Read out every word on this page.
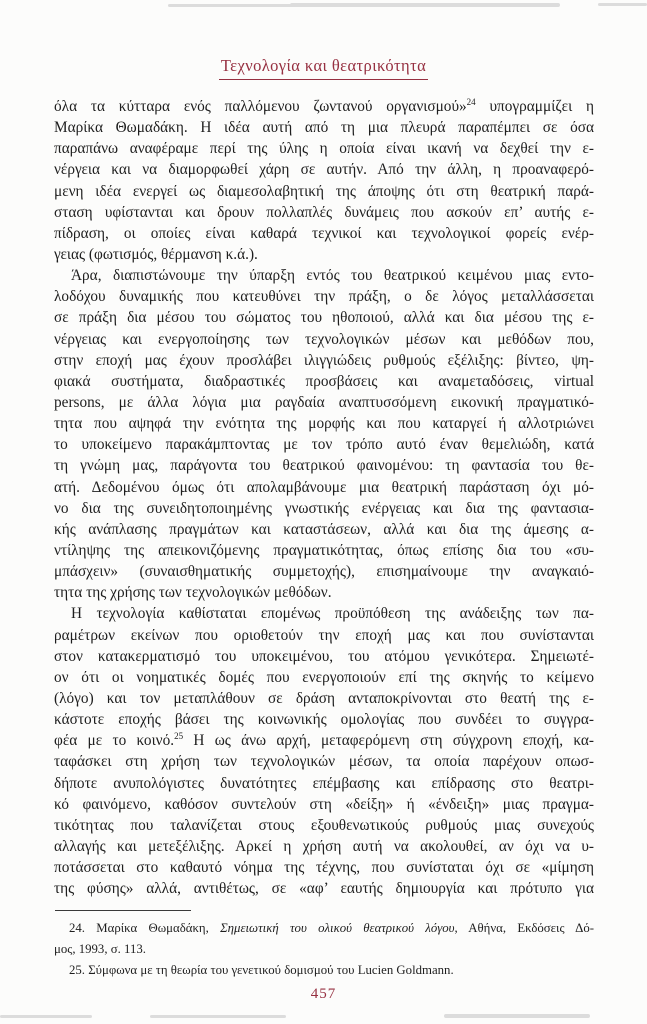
Τεχνολογία και θεατρικότητα
όλα τα κύτταρα ενός παλλόμενου ζωντανού οργανισμού»$^{24}$ υπογραμμίζει η
Μαρίκα Θωμαδάκη. Η ιδέα αυτή από τη μια πλευρά παραπέμπει σε όσα
παραπάνω αναφέραμε περί της ύλης η οποία είναι ικανή να δεχθεί την ε-
νέργεια και να διαμορφωθεί χάρη σε αυτήν. Από την άλλη, η προαναφερό-
μενη ιδέα ενεργεί ως διαμεσολαβητική της άποψης ότι στη θεατρική παρά-
σταση υφίστανται και δρουν πολλαπλές δυνάμεις που ασκούν επ’ αυτής ε-
πίδραση, οι οποίες είναι καθαρά τεχνικοί και τεχνολογικοί φορείς ενέρ-
γειας (φωτισμός, θέρμανση κ.ά.).
Άρα, διαπιστώνουμε την ύπαρξη εντός του θεατρικού κειμένου μιας εντο-
λοδόχου δυναμικής που κατευθύνει την πράξη, ο δε λόγος μεταλλάσσεται
σε πράξη δια μέσου του σώματος του ηθοποιού, αλλά και δια μέσου της ε-
νέργειας και ενεργοποίησης των τεχνολογικών μέσων και μεθόδων που,
στην εποχή μας έχουν προσλάβει ιλιγγιώδεις ρυθμούς εξέλιξης: βίντεο, ψη-
φιακά συστήματα, διαδραστικές προσβάσεις και αναμεταδόσεις, virtual
persons, με άλλα λόγια μια ραγδαία αναπτυσσόμενη εικονική πραγματικό-
τητα που αψηφά την ενότητα της μορφής και που καταργεί ή αλλοτριώνει
το υποκείμενο παρακάμπτοντας με τον τρόπο αυτό έναν θεμελιώδη, κατά
τη γνώμη μας, παράγοντα του θεατρικού φαινομένου: τη φαντασία του θε-
ατή. Δεδομένου όμως ότι απολαμβάνουμε μια θεατρική παράσταση όχι μό-
νο δια της συνειδητοποιημένης γνωστικής ενέργειας και δια της φαντασια-
κής ανάπλασης πραγμάτων και καταστάσεων, αλλά και δια της άμεσης α-
ντίληψης της απεικονιζόμενης πραγματικότητας, όπως επίσης δια του «συ-
μπάσχειν» (συναισθηματικής συμμετοχής), επισημαίνουμε την αναγκαιό-
τητα της χρήσης των τεχνολογικών μεθόδων.
Η τεχνολογία καθίσταται επομένως προϋπόθεση της ανάδειξης των πα-
ραμέτρων εκείνων που οριοθετούν την εποχή μας και που συνίστανται
στον κατακερματισμό του υποκειμένου, του ατόμου γενικότερα. Σημειωτέ-
ον ότι οι νοηματικές δομές που ενεργοποιούν επί της σκηνής το κείμενο
(λόγο) και τον μεταπλάθουν σε δράση ανταποκρίνονται στο θεατή της ε-
κάστοτε εποχής βάσει της κοινωνικής ομολογίας που συνδέει το συγγρα-
φέα με το κοινό.$^{25}$ Η ως άνω αρχή, μεταφερόμενη στη σύγχρονη εποχή, κα-
ταφάσκει στη χρήση των τεχνολογικών μέσων, τα οποία παρέχουν οπωσ-
δήποτε ανυπολόγιστες δυνατότητες επέμβασης και επίδρασης στο θεατρι-
κό φαινόμενο, καθόσον συντελούν στη «δείξη» ή «ένδειξη» μιας πραγμα-
τικότητας που ταλανίζεται στους εξουθενωτικούς ρυθμούς μιας συνεχούς
αλλαγής και μετεξέλιξης. Αρκεί η χρήση αυτή να ακολουθεί, αν όχι να υ-
ποτάσσεται στο καθαυτό νόημα της τέχνης, που συνίσταται όχι σε «μίμηση
της φύσης» αλλά, αντιθέτως, σε «αφ’ εαυτής δημιουργία και πρότυπο για
24. Μαρίκα Θωμαδάκη, Σημειωτική του ολικού θεατρικού λόγου, Αθήνα, Εκδόσεις Δό-
μος, 1993, σ. 113.
25. Σύμφωνα με τη θεωρία του γενετικού δομισμού του Lucien Goldmann.
457
